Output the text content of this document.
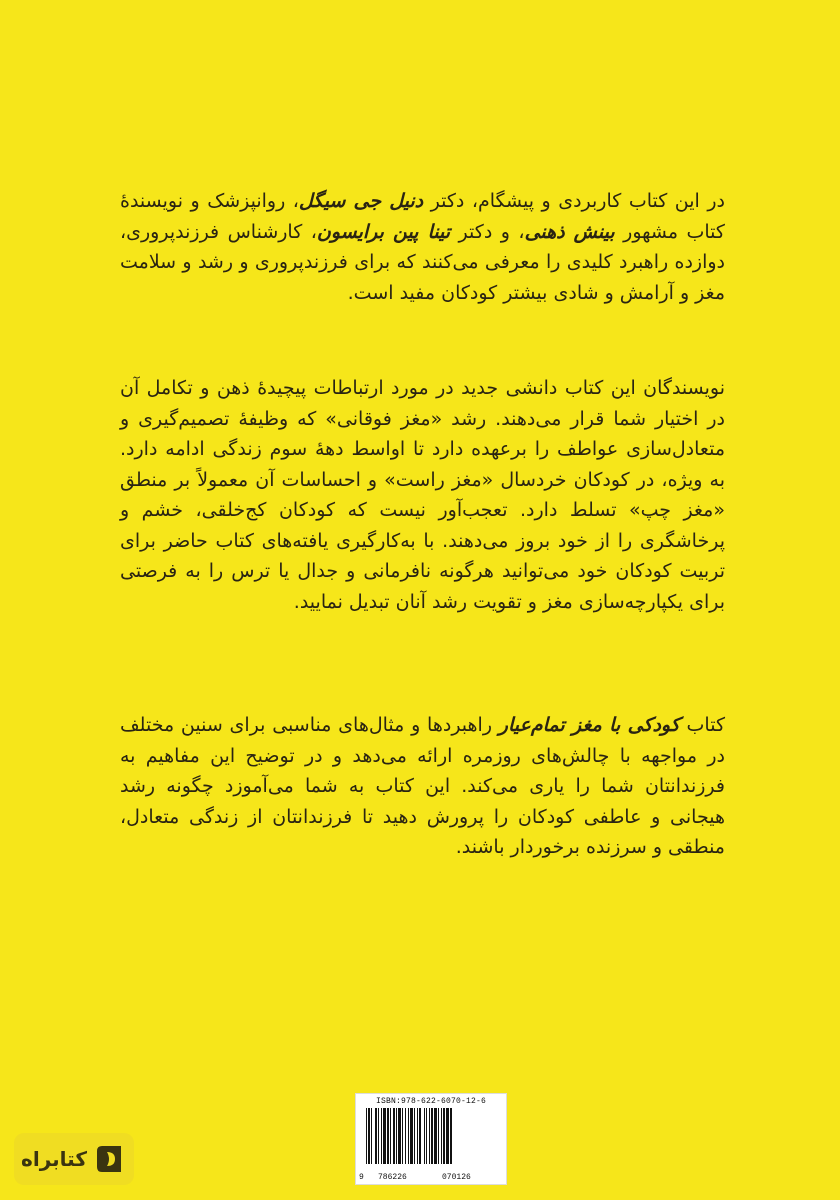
در این کتاب کاربردی و پیشگام، دکتر دنیل جی سیگل، روانپزشک و نویسندهٔ کتاب مشهور بینش ذهنی، و دکتر تینا پین برایسون، کارشناس فرزندپروری، دوازده راهبرد کلیدی را معرفی می‌کنند که برای فرزندپروری و رشد و سلامت مغز و آرامش و شادی بیشتر کودکان مفید است.

نویسندگان این کتاب دانشی جدید در مورد ارتباطات پیچیدهٔ ذهن و تکامل آن در اختیار شما قرار می‌دهند. رشد «مغز فوقانی» که وظیفهٔ تصمیم‌گیری و متعادل‌سازی عواطف را برعهده دارد تا اواسط دههٔ سوم زندگی ادامه دارد. به ویژه، در کودکان خردسال «مغز راست» و احساسات آن معمولاً بر منطق «مغز چپ» تسلط دارد. تعجب‌آور نیست که کودکان کج‌خلقی، خشم و پرخاشگری را از خود بروز می‌دهند. با به‌کارگیری یافته‌های کتاب حاضر برای تربیت کودکان خود می‌توانید هرگونه نافرمانی و جدال یا ترس را به فرصتی برای یکپارچه‌سازی مغز و تقویت رشد آنان تبدیل نمایید.

کتاب کودکی با مغز تمام‌عیار راهبردها و مثال‌های مناسبی برای سنین مختلف در مواجهه با چالش‌های روزمره ارائه می‌دهد و در توضیح این مفاهیم به فرزندانتان شما را یاری می‌کند. این کتاب به شما می‌آموزد چگونه رشد هیجانی و عاطفی کودکان را پرورش دهید تا فرزندانتان از زندگی متعادل، منطقی و سرزنده برخوردار باشند.

ISBN:978-622-6070-12-6
9 786226	070126
کتابراه
